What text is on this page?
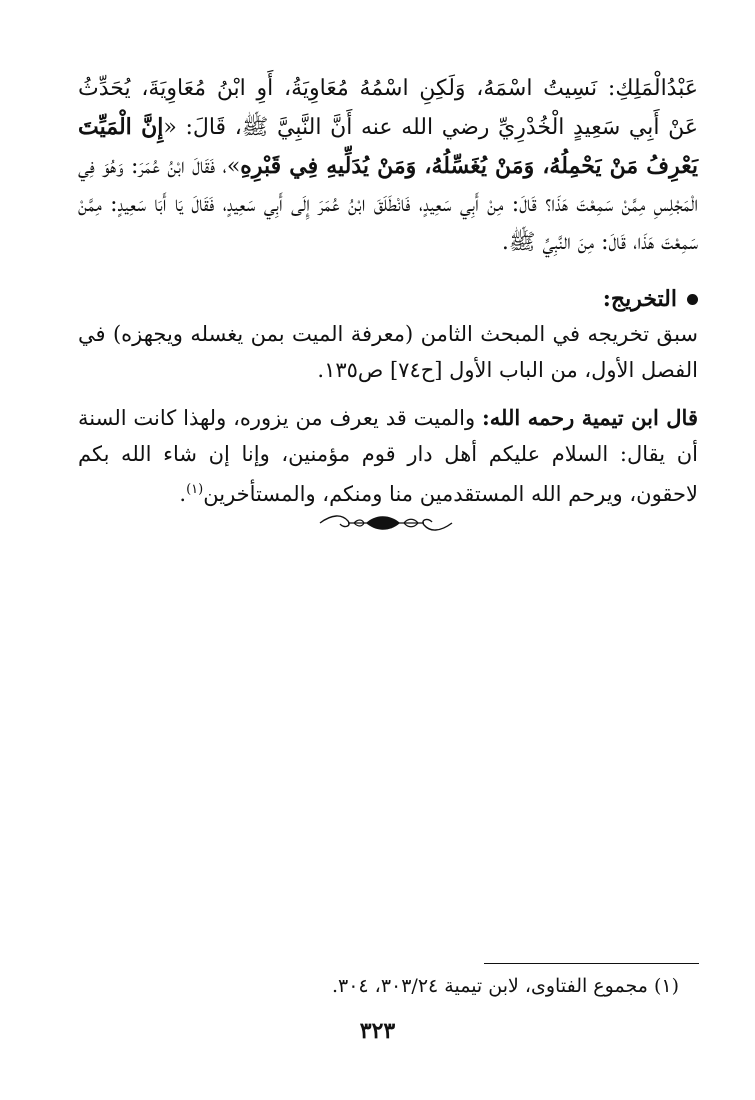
عَبْدُالْمَلِكِ: نَسِيتُ اسْمَهُ، وَلَكِنِ اسْمُهُ مُعَاوِيَةُ، أَوِ ابْنُ مُعَاوِيَةَ، يُحَدِّثُ عَنْ أَبِي سَعِيدٍ الْخُدْرِيِّ رضي الله عنه أَنَّ النَّبِيَّ ﷺ، قَالَ: «إِنَّ الْمَيِّتَ يَعْرِفُ مَنْ يَحْمِلُهُ، وَمَنْ يُغَسِّلُهُ، وَمَنْ يُدَلِّيهِ فِي قَبْرِهِ»، فَقَالَ ابْنُ عُمَرَ: وَهُوَ فِي الْمَجْلِسِ مِمَّنْ سَمِعْتَ هَذَا؟ قَالَ: مِنْ أَبِي سَعِيدٍ، فَانْطَلَقَ ابْنُ عُمَرَ إِلَى أَبِي سَعِيدٍ، فَقَالَ يَا أَبَا سَعِيدٍ: مِمَّنْ سَمِعْتَ هَذَا، قَالَ: مِنَ النَّبِيِّ ﷺ.

التخريج:

سبق تخريجه في المبحث الثامن (معرفة الميت بمن يغسله ويجهزه) في الفصل الأول، من الباب الأول [ح٧٤] ص١٣٥.

قال ابن تيمية رحمه الله: والميت قد يعرف من يزوره، ولهذا كانت السنة أن يقال: السلام عليكم أهل دار قوم مؤمنين، وإنا إن شاء الله بكم لاحقون، ويرحم الله المستقدمين منا ومنكم، والمستأخرين$^{(١)}$.

(١) مجموع الفتاوى، لابن تيمية ٣٠٣/٢٤، ٣٠٤.
٣٢٣
